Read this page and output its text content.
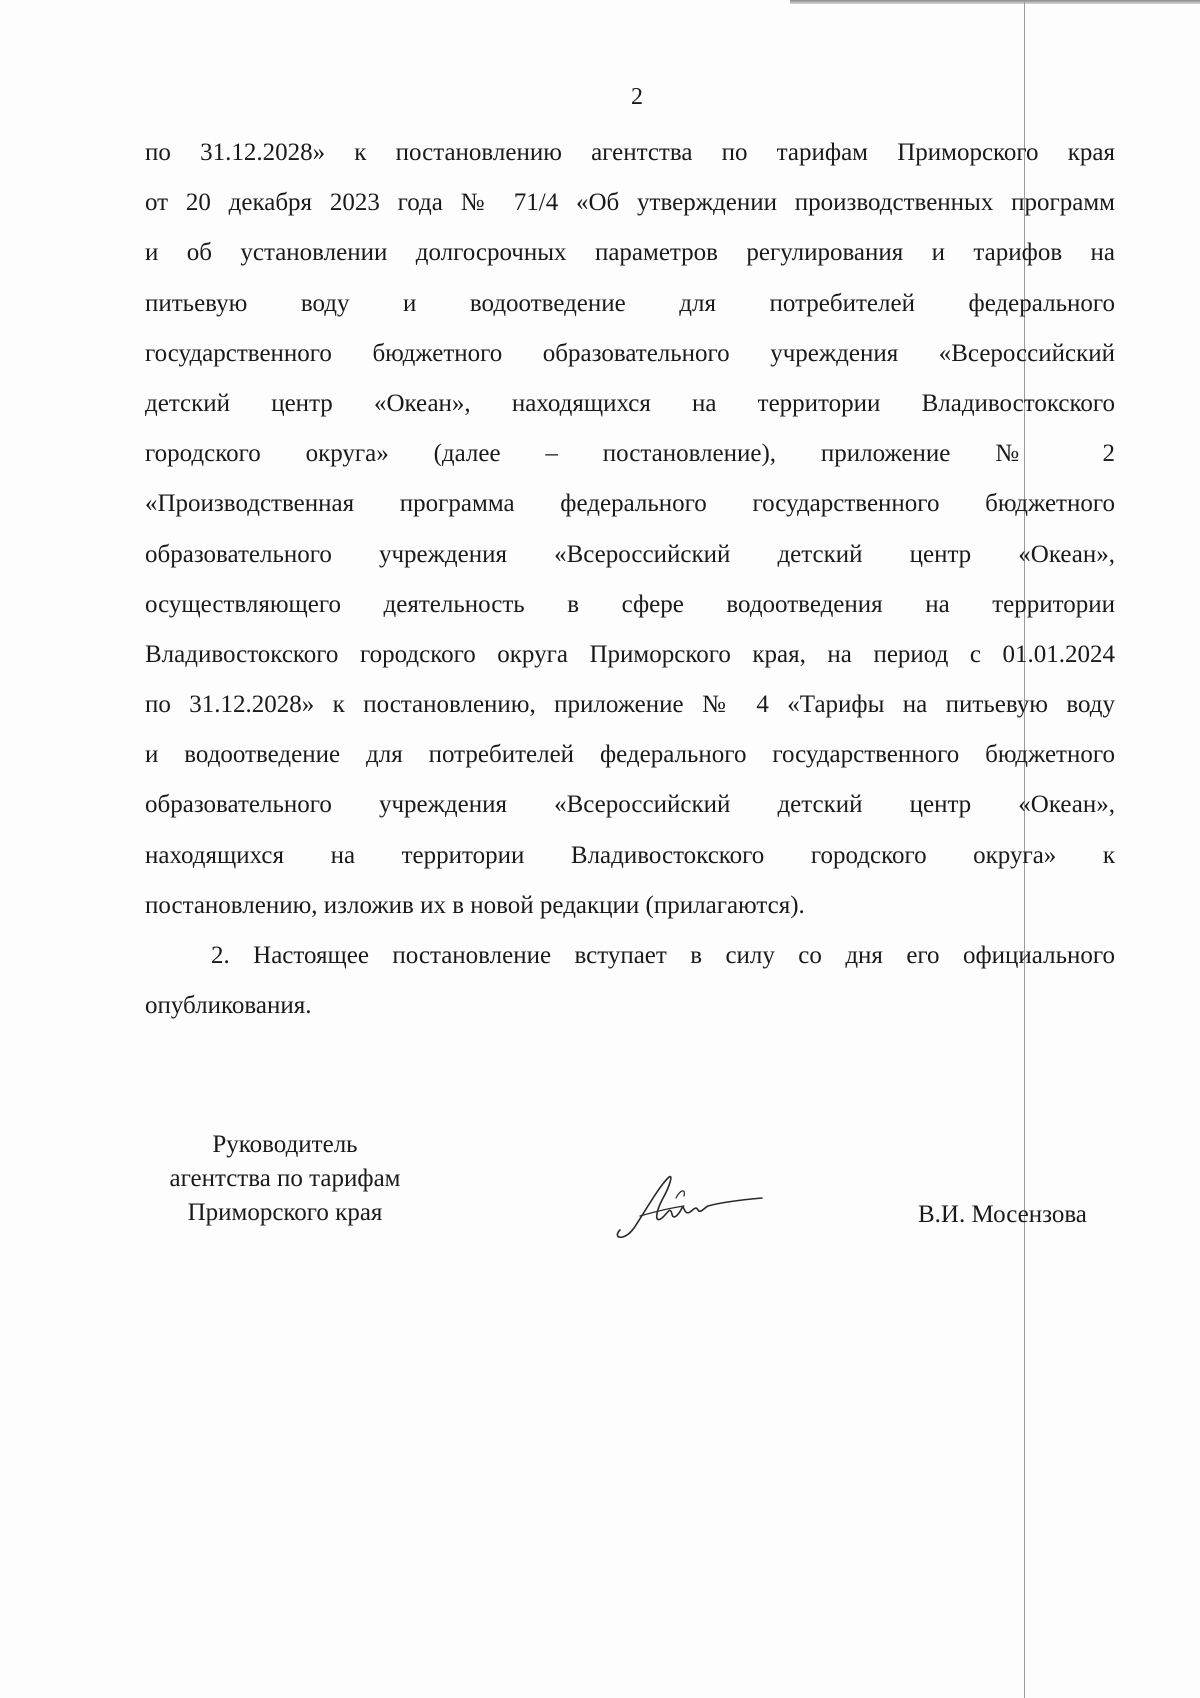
2
по 31.12.2028» к постановлению агентства по тарифам Приморского края
от 20 декабря 2023 года № 71/4 «Об утверждении производственных программ
и об установлении долгосрочных параметров регулирования и тарифов на
питьевую воду и водоотведение для потребителей федерального
государственного бюджетного образовательного учреждения «Всероссийский
детский центр «Океан», находящихся на территории Владивостокского
городского округа» (далее – постановление), приложение № 2
«Производственная программа федерального государственного бюджетного
образовательного учреждения «Всероссийский детский центр «Океан»,
осуществляющего деятельность в сфере водоотведения на территории
Владивостокского городского округа Приморского края, на период с 01.01.2024
по 31.12.2028» к постановлению, приложение № 4 «Тарифы на питьевую воду
и водоотведение для потребителей федерального государственного бюджетного
образовательного учреждения «Всероссийский детский центр «Океан»,
находящихся на территории Владивостокского городского округа» к
постановлению, изложив их в новой редакции (прилагаются).
2. Настоящее постановление вступает в силу со дня его официального
опубликования.
Руководитель
агентства по тарифам
Приморского края	В.И. Мосензова
